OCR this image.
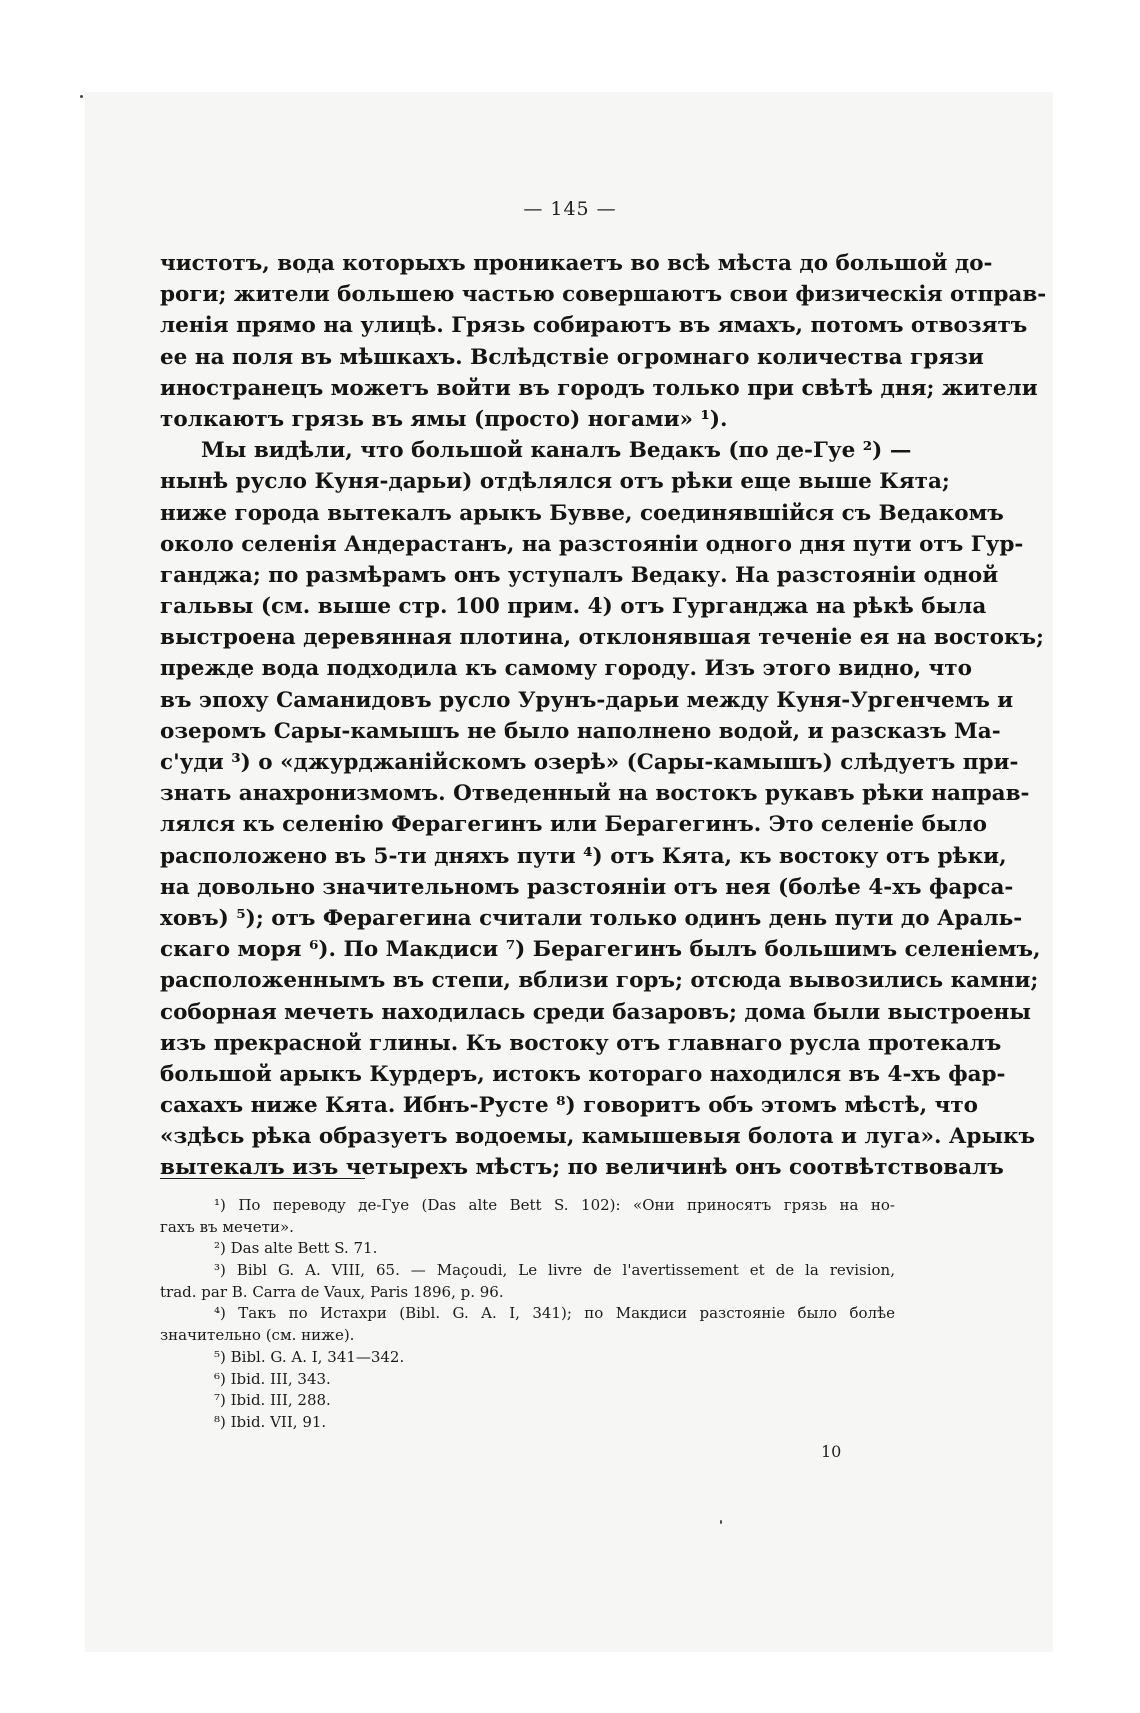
— 145 —

чистотъ, вода которыхъ проникаетъ во всѣ мѣста до большой до-
роги; жители большею частью совершаютъ свои физическія отправ-
ленія прямо на улицѣ. Грязь собираютъ въ ямахъ, потомъ отвозятъ
ее на поля въ мѣшкахъ. Вслѣдствіе огромнаго количества грязи
иностранецъ можетъ войти въ городъ только при свѣтѣ дня; жители
толкаютъ грязь въ ямы (просто) ногами» ¹).
Мы видѣли, что большой каналъ Ведакъ (по де-Гуе ²) —
нынѣ русло Куня-дарьи) отдѣлялся отъ рѣки еще выше Кята;
ниже города вытекалъ арыкъ Бувве, соединявшійся съ Ведакомъ
около селенія Андерастанъ, на разстояніи одного дня пути отъ Гур-
ганджа; по размѣрамъ онъ уступалъ Ведаку. На разстояніи одной
гальвы (см. выше стр. 100 прим. 4) отъ Гурганджа на рѣкѣ была
выстроена деревянная плотина, отклонявшая теченіе ея на востокъ;
прежде вода подходила къ самому городу. Изъ этого видно, что
въ эпоху Саманидовъ русло Урунъ-дарьи между Куня-Ургенчемъ и
озеромъ Сары-камышъ не было наполнено водой, и разсказъ Ма-
с'уди ³) о «джурджанійскомъ озерѣ» (Сары-камышъ) слѣдуетъ при-
знать анахронизмомъ. Отведенный на востокъ рукавъ рѣки направ-
лялся къ селенію Ферагегинъ или Берагегинъ. Это селеніе было
расположено въ 5-ти дняхъ пути ⁴) отъ Кята, къ востоку отъ рѣки,
на довольно значительномъ разстояніи отъ нея (болѣе 4-хъ фарса-
ховъ) ⁵); отъ Ферагегина считали только одинъ день пути до Араль-
скаго моря ⁶). По Макдиси ⁷) Берагегинъ былъ большимъ селеніемъ,
расположеннымъ въ степи, вблизи горъ; отсюда вывозились камни;
соборная мечеть находилась среди базаровъ; дома были выстроены
изъ прекрасной глины. Къ востоку отъ главнаго русла протекалъ
большой арыкъ Курдеръ, истокъ котораго находился въ 4-хъ фар-
сахахъ ниже Кята. Ибнъ-Русте ⁸) говоритъ объ этомъ мѣстѣ, что
«здѣсь рѣка образуетъ водоемы, камышевыя болота и луга». Арыкъ
вытекалъ изъ четырехъ мѣстъ; по величинѣ онъ соотвѣтствовалъ
¹) По переводу де-Гуе (Das alte Bett S. 102): «Они приносятъ грязь на но-
гахъ въ мечети».
²) Das alte Bett S. 71.
³) Bibl G. A. VIII, 65. — Maçoudi, Le livre de l'avertissement et de la revision,
trad. par B. Carra de Vaux, Paris 1896, p. 96.
⁴) Такъ по Истахри (Bibl. G. A. I, 341); по Макдиси разстояніе было болѣе
значительно (см. ниже).
⁵) Bibl. G. A. I, 341—342.
⁶) Ibid. III, 343.
⁷) Ibid. III, 288.
⁸) Ibid. VII, 91.
10
